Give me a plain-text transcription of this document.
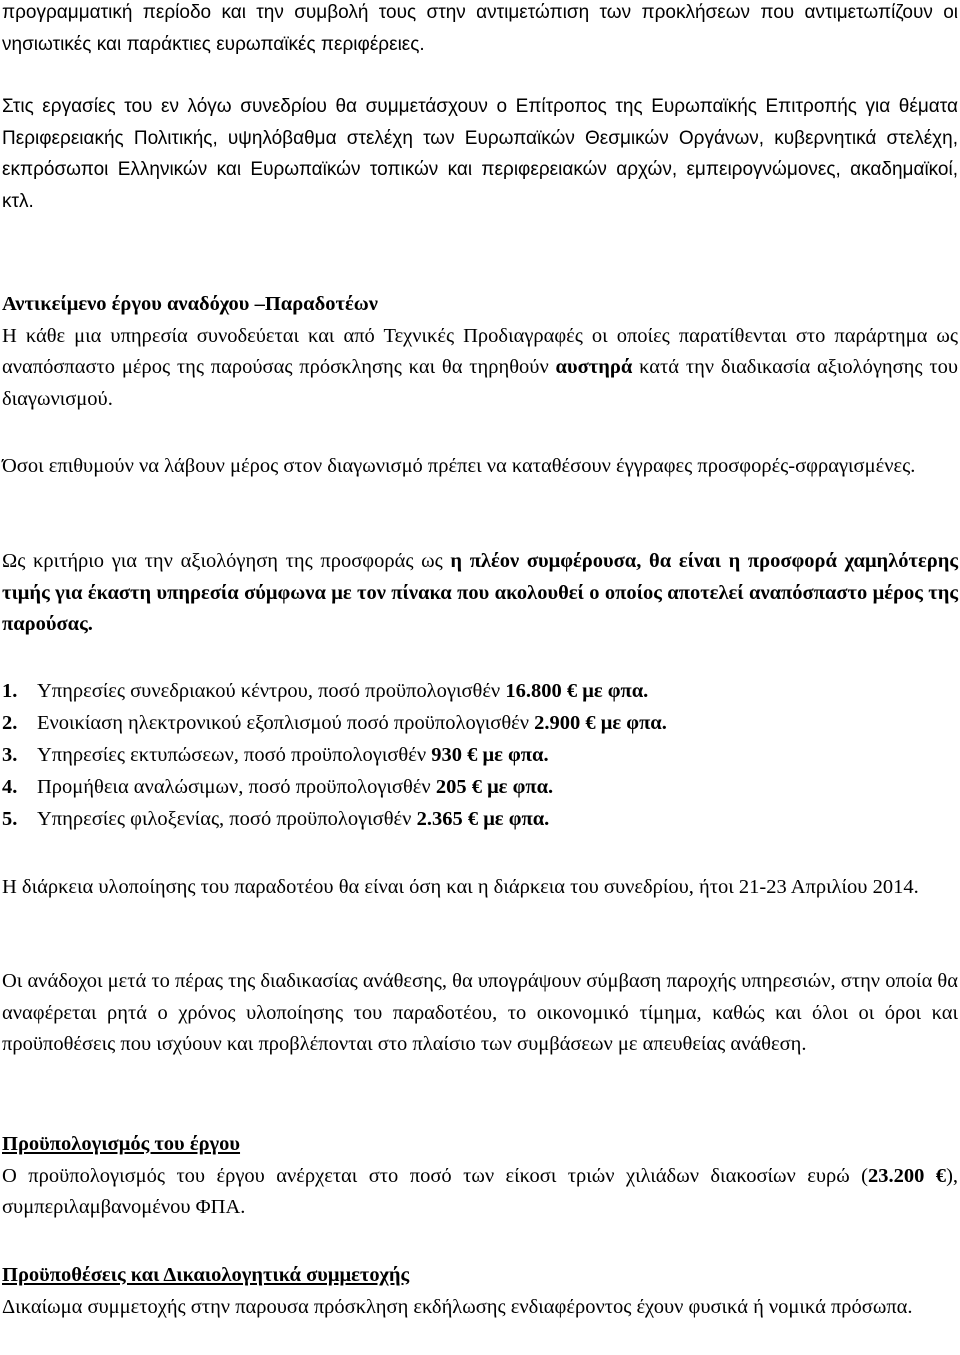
προγραμματική περίοδο και την συμβολή τους στην αντιμετώπιση των προκλήσεων που αντιμετωπίζουν οι νησιωτικές και παράκτιες ευρωπαϊκές περιφέρειες.

Στις εργασίες του εν λόγω συνεδρίου θα συμμετάσχουν ο Επίτροπος της Ευρωπαϊκής Επιτροπής για θέματα Περιφερειακής Πολιτικής, υψηλόβαθμα στελέχη των Ευρωπαϊκών Θεσμικών Οργάνων, κυβερνητικά στελέχη, εκπρόσωποι Ελληνικών και Ευρωπαϊκών τοπικών και περιφερειακών αρχών, εμπειρογνώμονες, ακαδημαϊκοί, κτλ.

Αντικείμενο έργου αναδόχου –Παραδοτέων

Η κάθε μια υπηρεσία συνοδεύεται και από Τεχνικές Προδιαγραφές οι οποίες παρατίθενται στο παράρτημα ως αναπόσπαστο μέρος της παρούσας πρόσκλησης και θα τηρηθούν αυστηρά κατά την διαδικασία αξιολόγησης του διαγωνισμού.

Όσοι επιθυμούν να λάβουν μέρος στον διαγωνισμό πρέπει να καταθέσουν έγγραφες προσφορές-σφραγισμένες.

Ως κριτήριο για την αξιολόγηση της προσφοράς ως η πλέον συμφέρουσα, θα είναι η προσφορά χαμηλότερης τιμής για έκαστη υπηρεσία σύμφωνα με τον πίνακα που ακολουθεί ο οποίος αποτελεί αναπόσπαστο μέρος της παρούσας.

1. Υπηρεσίες συνεδριακού κέντρου, ποσό προϋπολογισθέν 16.800 € με φπα.
2. Ενοικίαση ηλεκτρονικού εξοπλισμού ποσό προϋπολογισθέν 2.900 € με φπα.
3. Υπηρεσίες εκτυπώσεων, ποσό προϋπολογισθέν 930 € με φπα.
4. Προμήθεια αναλώσιμων, ποσό προϋπολογισθέν 205 € με φπα.
5. Υπηρεσίες φιλοξενίας, ποσό προϋπολογισθέν 2.365 € με φπα.

Η διάρκεια υλοποίησης του παραδοτέου θα είναι όση και η διάρκεια του συνεδρίου, ήτοι 21-23 Απριλίου 2014.

Οι ανάδοχοι μετά το πέρας της διαδικασίας ανάθεσης, θα υπογράψουν σύμβαση παροχής υπηρεσιών, στην οποία θα αναφέρεται ρητά ο χρόνος υλοποίησης του παραδοτέου, το οικονομικό τίμημα, καθώς και όλοι οι όροι και προϋποθέσεις που ισχύουν και προβλέπονται στο πλαίσιο των συμβάσεων με απευθείας ανάθεση.

Προϋπολογισμός του έργου

Ο προϋπολογισμός του έργου ανέρχεται στο ποσό των είκοσι τριών χιλιάδων διακοσίων ευρώ (23.200 €), συμπεριλαμβανομένου ΦΠΑ.

Προϋποθέσεις και Δικαιολογητικά συμμετοχής

Δικαίωμα συμμετοχής στην παρουσα πρόσκληση εκδήλωσης ενδιαφέροντος έχουν φυσικά ή νομικά πρόσωπα.
